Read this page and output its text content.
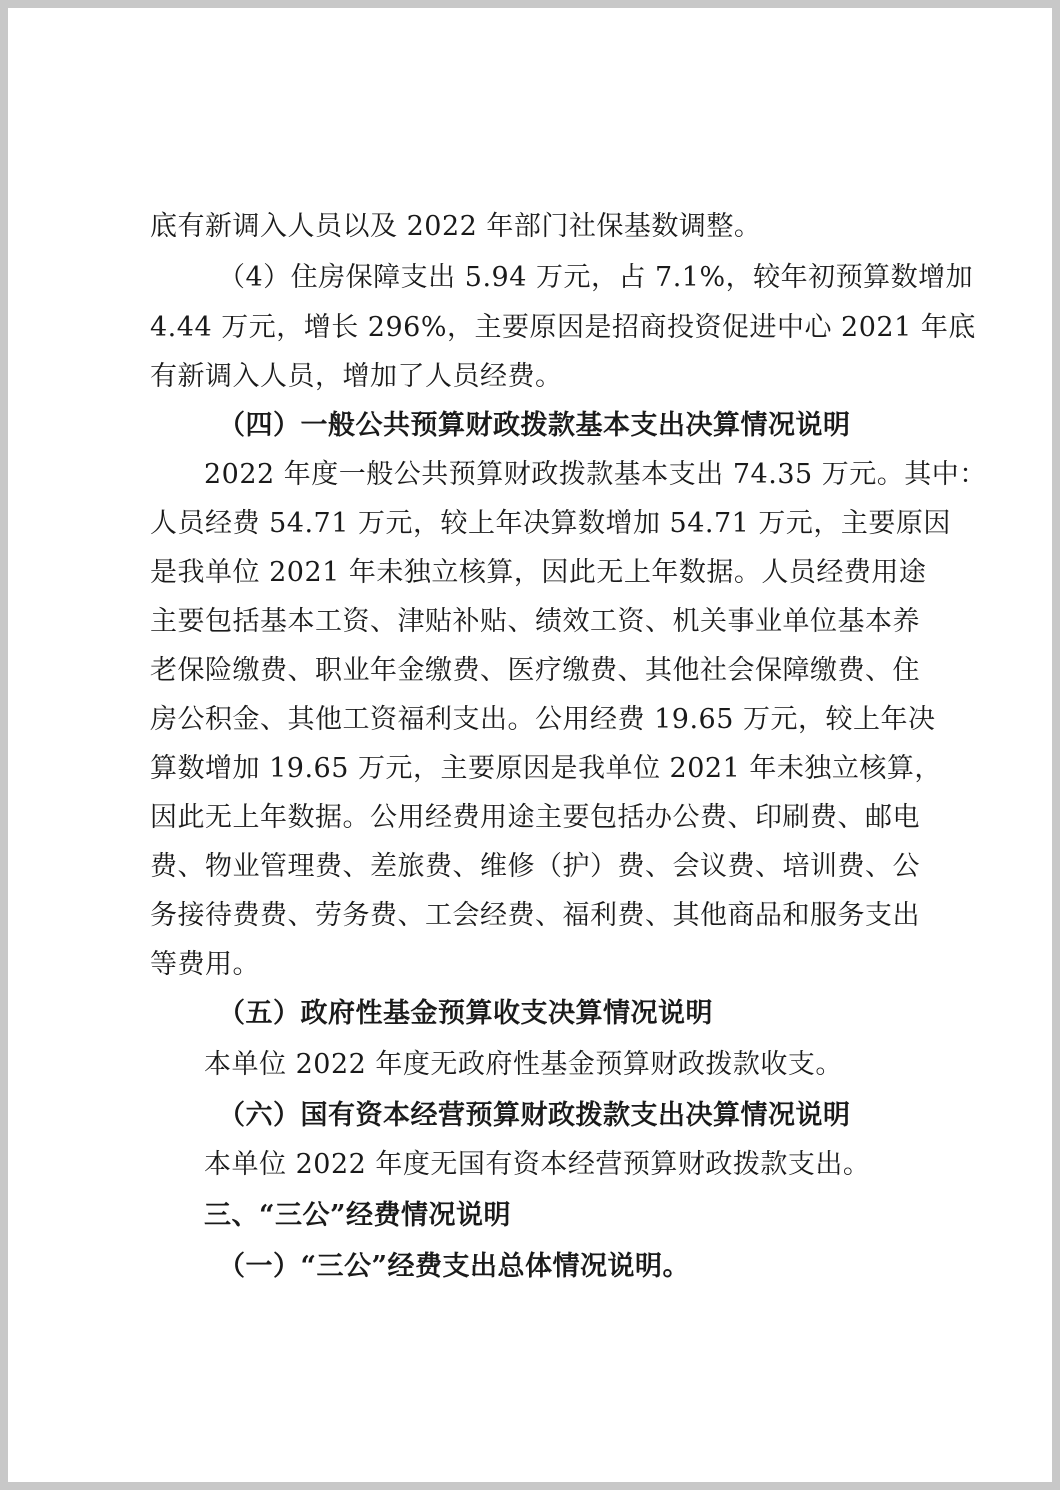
底有新调入人员以及 2022 年部门社保基数调整。
（4）住房保障支出 5.94 万元，占 7.1%，较年初预算数增加
4.44 万元，增长 296%，主要原因是招商投资促进中心 2021 年底
有新调入人员，增加了人员经费。
（四）一般公共预算财政拨款基本支出决算情况说明
2022 年度一般公共预算财政拨款基本支出 74.35 万元。其中：
人员经费 54.71 万元，较上年决算数增加 54.71 万元，主要原因
是我单位 2021 年未独立核算，因此无上年数据。人员经费用途
主要包括基本工资、津贴补贴、绩效工资、机关事业单位基本养
老保险缴费、职业年金缴费、医疗缴费、其他社会保障缴费、住
房公积金、其他工资福利支出。公用经费 19.65 万元，较上年决
算数增加 19.65 万元，主要原因是我单位 2021 年未独立核算，
因此无上年数据。公用经费用途主要包括办公费、印刷费、邮电
费、物业管理费、差旅费、维修（护）费、会议费、培训费、公
务接待费费、劳务费、工会经费、福利费、其他商品和服务支出
等费用。
（五）政府性基金预算收支决算情况说明
本单位 2022 年度无政府性基金预算财政拨款收支。
（六）国有资本经营预算财政拨款支出决算情况说明
本单位 2022 年度无国有资本经营预算财政拨款支出。
三、“三公”经费情况说明
（一）“三公”经费支出总体情况说明。
